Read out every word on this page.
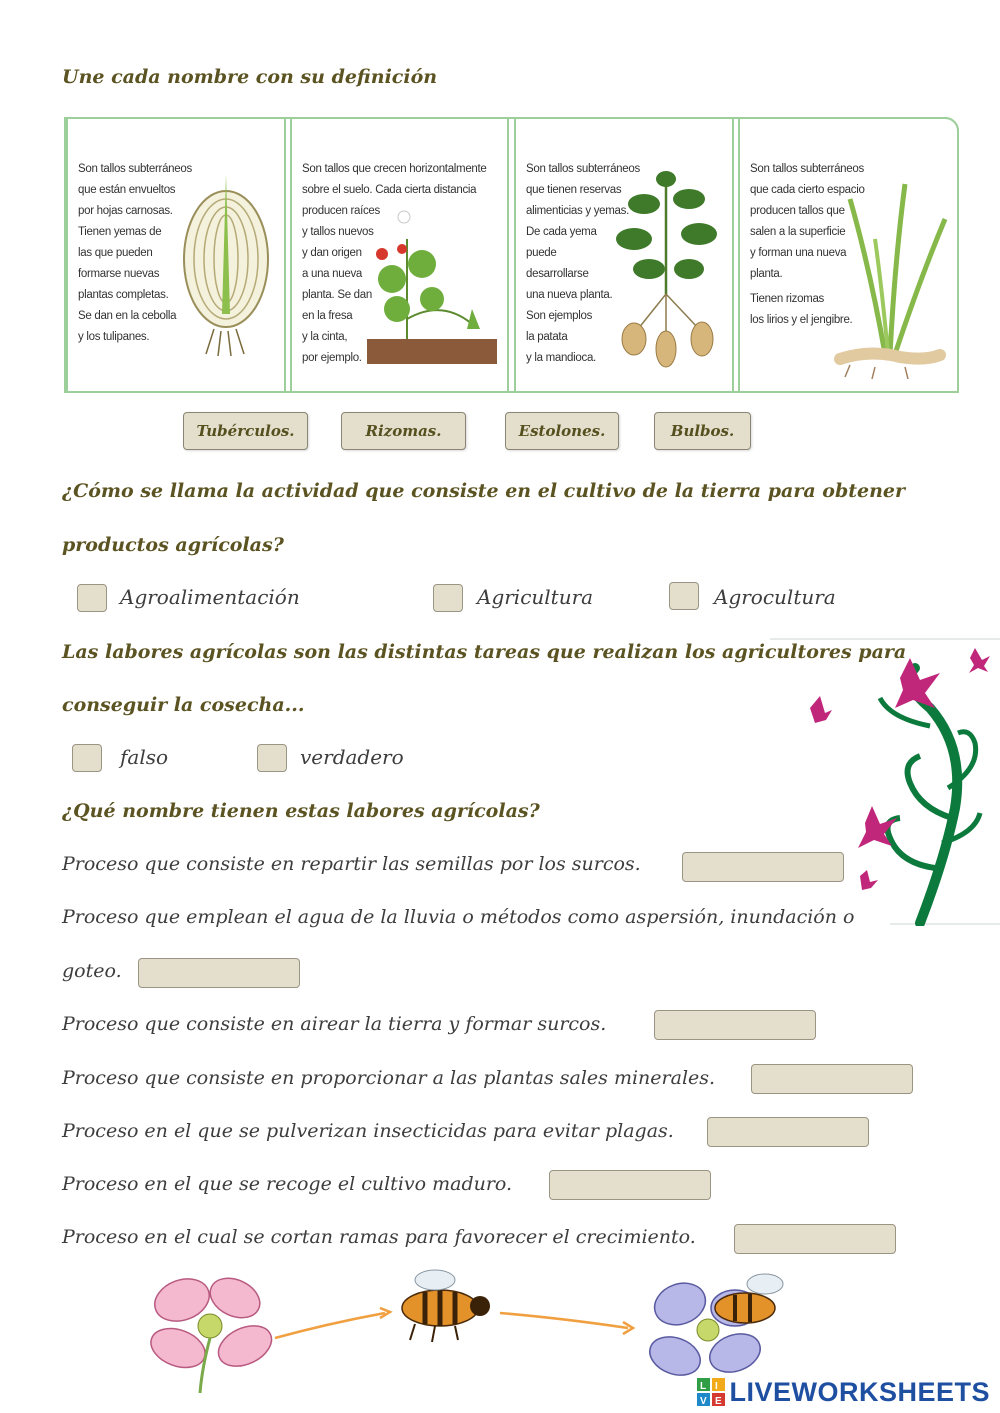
Une cada nombre con su definición
Son tallos subterráneos
que están envueltos
por hojas carnosas.
Tienen yemas de
las que pueden
formarse nuevas
plantas completas.
Se dan en la cebolla
y los tulipanes.
Son tallos que crecen horizontalmente
sobre el suelo. Cada cierta distancia
producen raíces
y tallos nuevos
y dan origen
a una nueva
planta. Se dan
en la fresa
y la cinta,
por ejemplo.
Son tallos subterráneos
que tienen reservas
alimenticias y yemas.
De cada yema
puede
desarrollarse
una nueva planta.
Son ejemplos
la patata
y la mandioca.
Son tallos subterráneos
que cada cierto espacio
producen tallos que
salen a la superficie
y forman una nueva
planta.
Tienen rizomas
los lirios y el jengibre.
Tubérculos.	Rizomas.	Estolones.	Bulbos.
¿Cómo se llama la actividad que consiste en el cultivo de la tierra para obtener
productos agrícolas?
Agroalimentación	Agricultura	Agrocultura
Las labores agrícolas son las distintas tareas que realizan los agricultores para
conseguir la cosecha...
falso	verdadero
¿Qué nombre tienen estas labores agrícolas?
Proceso que consiste en repartir las semillas por los surcos.
Proceso que emplean el agua de la lluvia o métodos como aspersión, inundación o
goteo.
Proceso que consiste en airear la tierra y formar surcos.
Proceso que consiste en proporcionar a las plantas sales minerales.
Proceso en el que se pulverizan insecticidas para evitar plagas.
Proceso en el que se recoge el cultivo maduro.
Proceso en el cual se cortan ramas para favorecer el crecimiento.
L I
V E LIVEWORKSHEETS
